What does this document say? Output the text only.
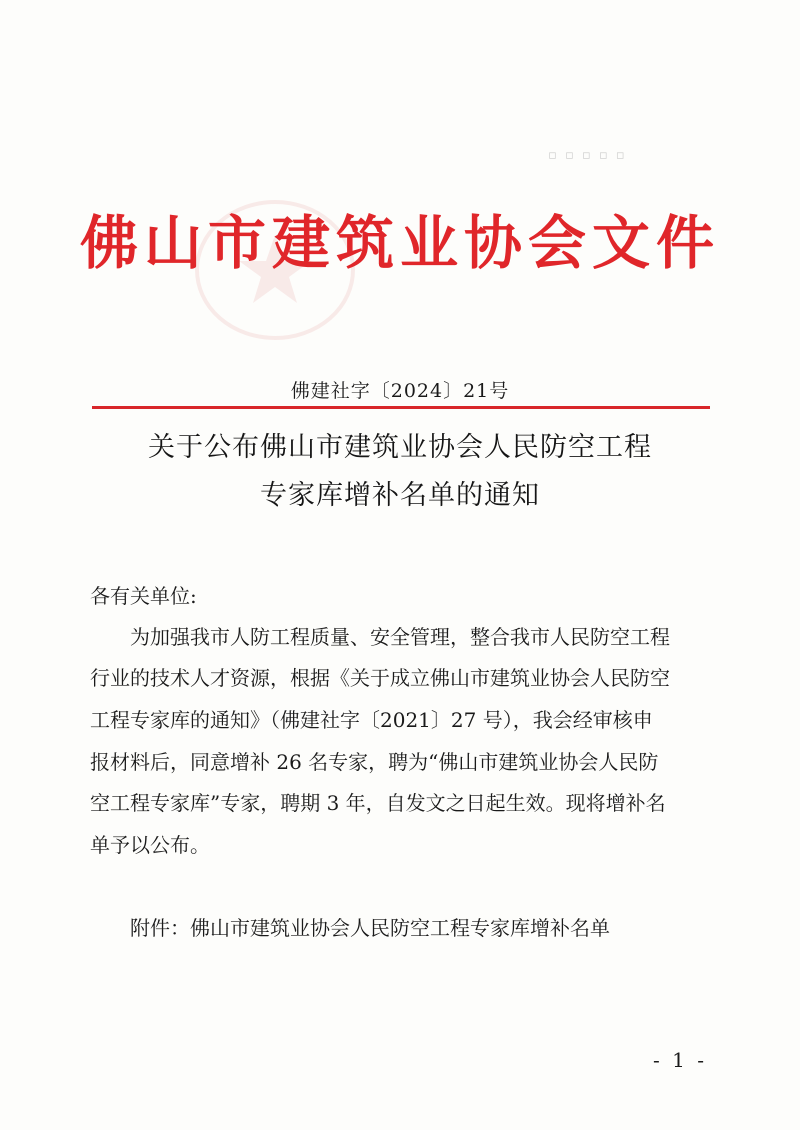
▫ ▫ ▫ ▫ ▫
佛山市建筑业协会文件
佛建社字〔2024〕21号
关于公布佛山市建筑业协会人民防空工程
专家库增补名单的通知
各有关单位:
为加强我市人防工程质量、安全管理，整合我市人民防空工程
行业的技术人才资源，根据《关于成立佛山市建筑业协会人民防空
工程专家库的通知》（佛建社字〔2021〕27 号），我会经审核申
报材料后，同意增补 26 名专家，聘为“佛山市建筑业协会人民防
空工程专家库”专家，聘期 3 年，自发文之日起生效。现将增补名
单予以公布。
附件：佛山市建筑业协会人民防空工程专家库增补名单
- 1 -
